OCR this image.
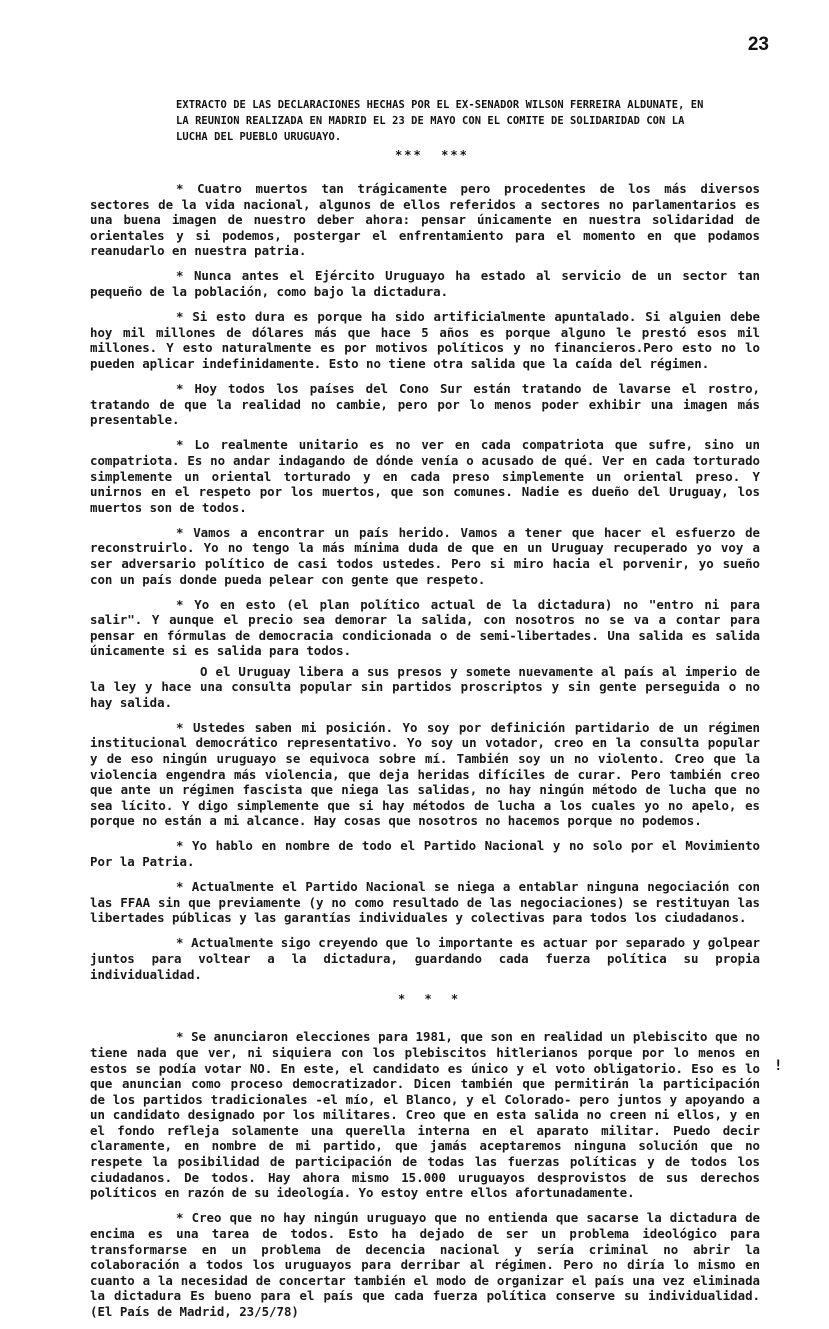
23
EXTRACTO DE LAS DECLARACIONES HECHAS POR EL EX-SENADOR WILSON FERREIRA ALDUNATE, EN LA REUNION REALIZADA EN MADRID EL 23 DE MAYO CON EL COMITE DE SOLIDARIDAD CON LA LUCHA DEL PUEBLO URUGUAYO.
***  ***

* Cuatro muertos tan trágicamente pero procedentes de los más diversos sectores de la vida nacional, algunos de ellos referidos a sectores no parlamentarios es una buena imagen de nuestro deber ahora: pensar únicamente en nuestra solidaridad de orientales y si podemos, postergar el enfrentamiento para el momento en que podamos reanudarlo en nuestra patria.

* Nunca antes el Ejército Uruguayo ha estado al servicio de un sector tan pequeño de la población, como bajo la dictadura.

* Si esto dura es porque ha sido artificialmente apuntalado. Si alguien debe hoy mil millones de dólares más que hace 5 años es porque alguno le prestó esos mil millones. Y esto naturalmente es por motivos políticos y no financieros.Pero esto no lo pueden aplicar indefinidamente. Esto no tiene otra salida que la caída del régimen.

* Hoy todos los países del Cono Sur están tratando de lavarse el rostro, tratando de que la realidad no cambie, pero por lo menos poder exhibir una imagen más presentable.

* Lo realmente unitario es no ver en cada compatriota que sufre, sino un compatriota. Es no andar indagando de dónde venía o acusado de qué. Ver en cada torturado simplemente un oriental torturado y en cada preso simplemente un oriental preso. Y unirnos en el respeto por los muertos, que son comunes. Nadie es dueño del Uruguay, los muertos son de todos.

* Vamos a encontrar un país herido. Vamos a tener que hacer el esfuerzo de reconstruirlo. Yo no tengo la más mínima duda de que en un Uruguay recuperado yo voy a ser adversario político de casi todos ustedes. Pero si miro hacia el porvenir, yo sueño con un país donde pueda pelear con gente que respeto.

* Yo en esto (el plan político actual de la dictadura) no "entro ni para salir". Y aunque el precio sea demorar la salida, con nosotros no se va a contar para pensar en fórmulas de democracia condicionada o de semi-libertades. Una salida es salida únicamente si es salida para todos.

O el Uruguay libera a sus presos y somete nuevamente al país al imperio de la ley y hace una consulta popular sin partidos proscriptos y sin gente perseguida o no hay salida.

* Ustedes saben mi posición. Yo soy por definición partidario de un régimen institucional democrático representativo. Yo soy un votador, creo en la consulta popular y de eso ningún uruguayo se equivoca sobre mí. También soy un no violento. Creo que la violencia engendra más violencia, que deja heridas difíciles de curar. Pero también creo que ante un régimen fascista que niega las salidas, no hay ningún método de lucha que no sea lícito. Y digo simplemente que si hay métodos de lucha a los cuales yo no apelo, es porque no están a mi alcance. Hay cosas que nosotros no hacemos porque no podemos.

* Yo hablo en nombre de todo el Partido Nacional y no solo por el Movimiento Por la Patria.

* Actualmente el Partido Nacional se niega a entablar ninguna negociación con las FFAA sin que previamente (y no como resultado de las negociaciones) se restituyan las libertades públicas y las garantías individuales y colectivas para todos los ciudadanos.

* Actualmente sigo creyendo que lo importante es actuar por separado y golpear juntos para voltear a la dictadura, guardando cada fuerza política su propia individualidad.

* * *

* Se anunciaron elecciones para 1981, que son en realidad un plebiscito que no tiene nada que ver, ni siquiera con los plebiscitos hitlerianos porque por lo menos en estos se podía votar NO. En este, el candidato es único y el voto obligatorio. Eso es lo que anuncian como proceso democratizador. Dicen también que permitirán la participación de los partidos tradicionales -el mío, el Blanco, y el Colorado- pero juntos y apoyando a un candidato designado por los militares. Creo que en esta salida no creen ni ellos, y en el fondo refleja solamente una querella interna en el aparato militar. Puedo decir claramente, en nombre de mi partido, que jamás aceptaremos ninguna solución que no respete la posibilidad de participación de todas las fuerzas políticas y de todos los ciudadanos. De todos. Hay ahora mismo 15.000 uruguayos desprovistos de sus derechos políticos en razón de su ideología. Yo estoy entre ellos afortunadamente.

* Creo que no hay ningún uruguayo que no entienda que sacarse la dictadura de encima es una tarea de todos. Esto ha dejado de ser un problema ideológico para transformarse en un problema de decencia nacional y sería criminal no abrir la colaboración a todos los uruguayos para derribar al régimen. Pero no diría lo mismo en cuanto a la necesidad de concertar también el modo de organizar el país una vez eliminada la dictadura Es bueno para el país que cada fuerza política conserve su individualidad. (El País de Madrid, 23/5/78)

!
